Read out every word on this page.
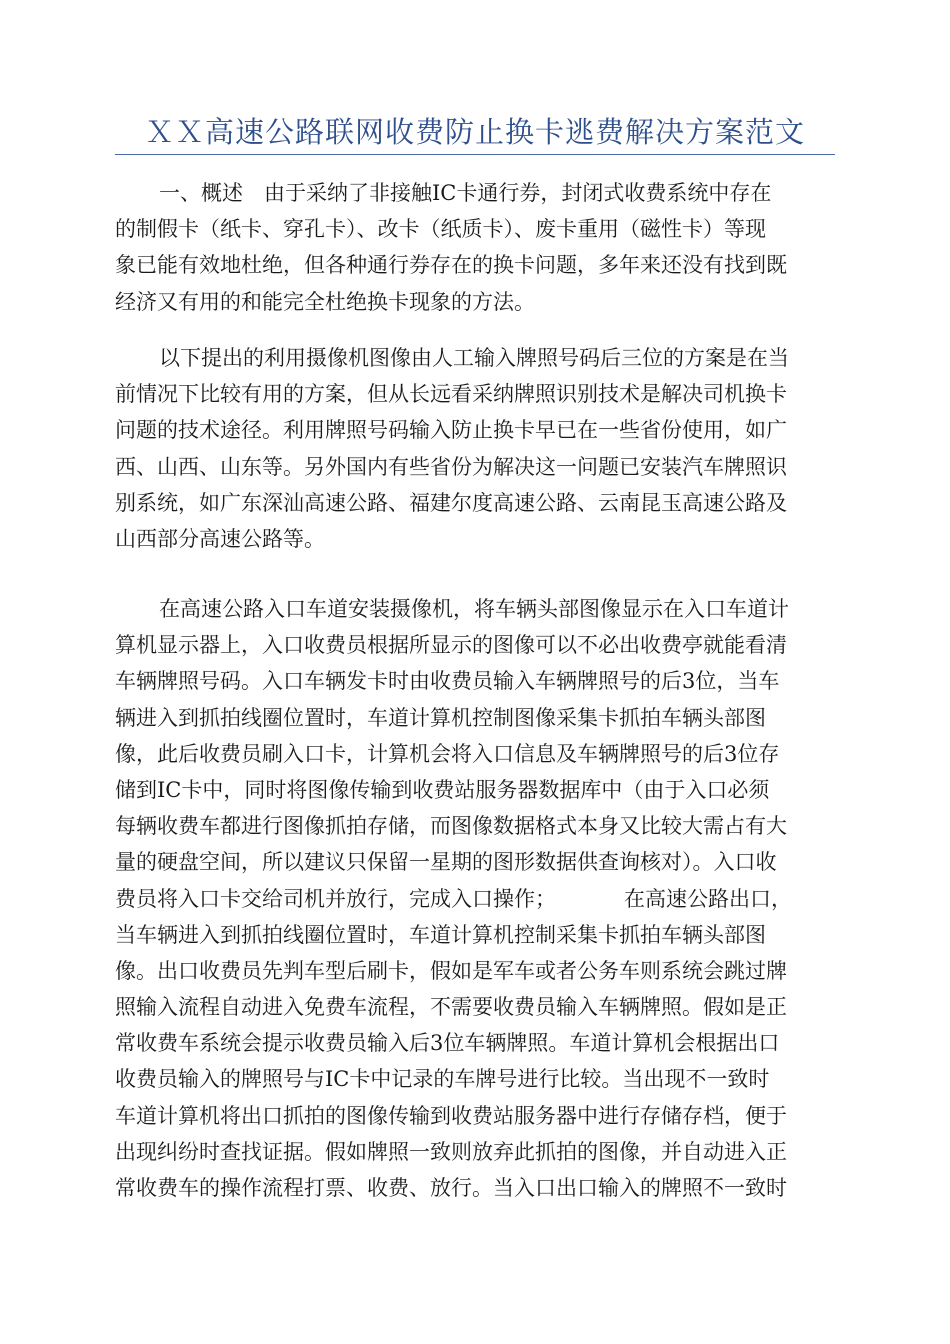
ＸＸ高速公路联网收费防止换卡逃费解决方案范文
一、概述　由于采纳了非接触IC卡通行券，封闭式收费系统中存在
的制假卡（纸卡、穿孔卡）、改卡（纸质卡）、废卡重用（磁性卡）等现
象已能有效地杜绝，但各种通行券存在的换卡问题，多年来还没有找到既
经济又有用的和能完全杜绝换卡现象的方法。
以下提出的利用摄像机图像由人工输入牌照号码后三位的方案是在当
前情况下比较有用的方案，但从长远看采纳牌照识别技术是解决司机换卡
问题的技术途径。利用牌照号码输入防止换卡早已在一些省份使用，如广
西、山西、山东等。另外国内有些省份为解决这一问题已安装汽车牌照识
别系统，如广东深汕高速公路、福建尔度高速公路、云南昆玉高速公路及
山西部分高速公路等。
在高速公路入口车道安装摄像机，将车辆头部图像显示在入口车道计
算机显示器上，入口收费员根据所显示的图像可以不必出收费亭就能看清
车辆牌照号码。入口车辆发卡时由收费员输入车辆牌照号的后3位，当车
辆进入到抓拍线圈位置时，车道计算机控制图像采集卡抓拍车辆头部图
像，此后收费员刷入口卡，计算机会将入口信息及车辆牌照号的后3位存
储到IC卡中，同时将图像传输到收费站服务器数据库中（由于入口必须
每辆收费车都进行图像抓拍存储，而图像数据格式本身又比较大需占有大
量的硬盘空间，所以建议只保留一星期的图形数据供查询核对）。入口收
费员将入口卡交给司机并放行，完成入口操作；	在高速公路出口，
当车辆进入到抓拍线圈位置时，车道计算机控制采集卡抓拍车辆头部图
像。出口收费员先判车型后刷卡，假如是军车或者公务车则系统会跳过牌
照输入流程自动进入免费车流程，不需要收费员输入车辆牌照。假如是正
常收费车系统会提示收费员输入后3位车辆牌照。车道计算机会根据出口
收费员输入的牌照号与IC卡中记录的车牌号进行比较。当出现不一致时
车道计算机将出口抓拍的图像传输到收费站服务器中进行存储存档，便于
出现纠纷时查找证据。假如牌照一致则放弃此抓拍的图像，并自动进入正
常收费车的操作流程打票、收费、放行。当入口出口输入的牌照不一致时
